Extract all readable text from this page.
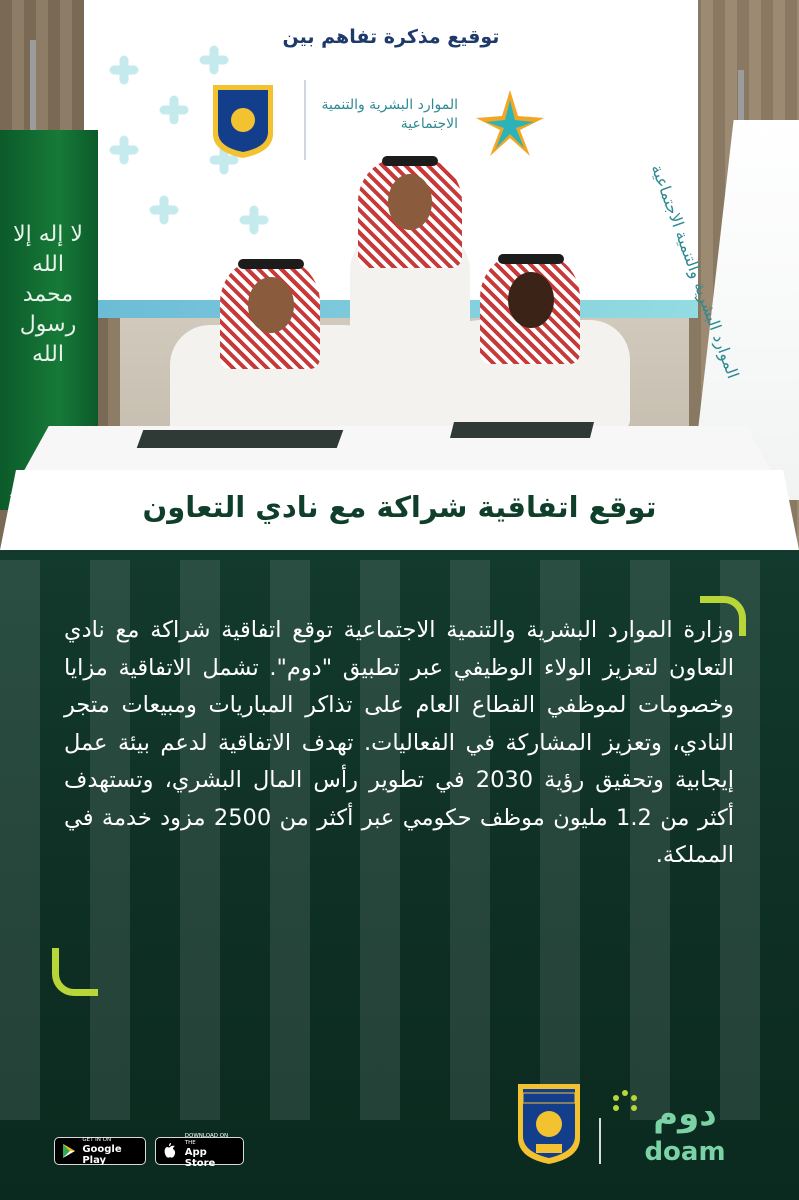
توقيع مذكرة تفاهم بين
الموارد البشرية والتنمية الاجتماعية
لا إله إلا الله محمد رسول الله	الموارد البشرية الاجتماعية
توقع اتفاقية شراكة مع نادي التعاون

وزارة الموارد البشرية والتنمية الاجتماعية توقع اتفاقية شراكة مع نادي التعاون لتعزيز الولاء الوظيفي عبر تطبيق "دوم". تشمل الاتفاقية مزايا وخصومات لموظفي القطاع العام على تذاكر المباريات ومبيعات متجر النادي، وتعزيز المشاركة في الفعاليات. تهدف الاتفاقية لدعم بيئة عمل إيجابية وتحقيق رؤية 2030 في تطوير رأس المال البشري، وتستهدف أكثر من 1.2 مليون موظف حكومي عبر أكثر من 2500 مزود خدمة في المملكة.

GET IN ON
Google Play
DOWNLOAD ON THE
App Store
دوم
doam
